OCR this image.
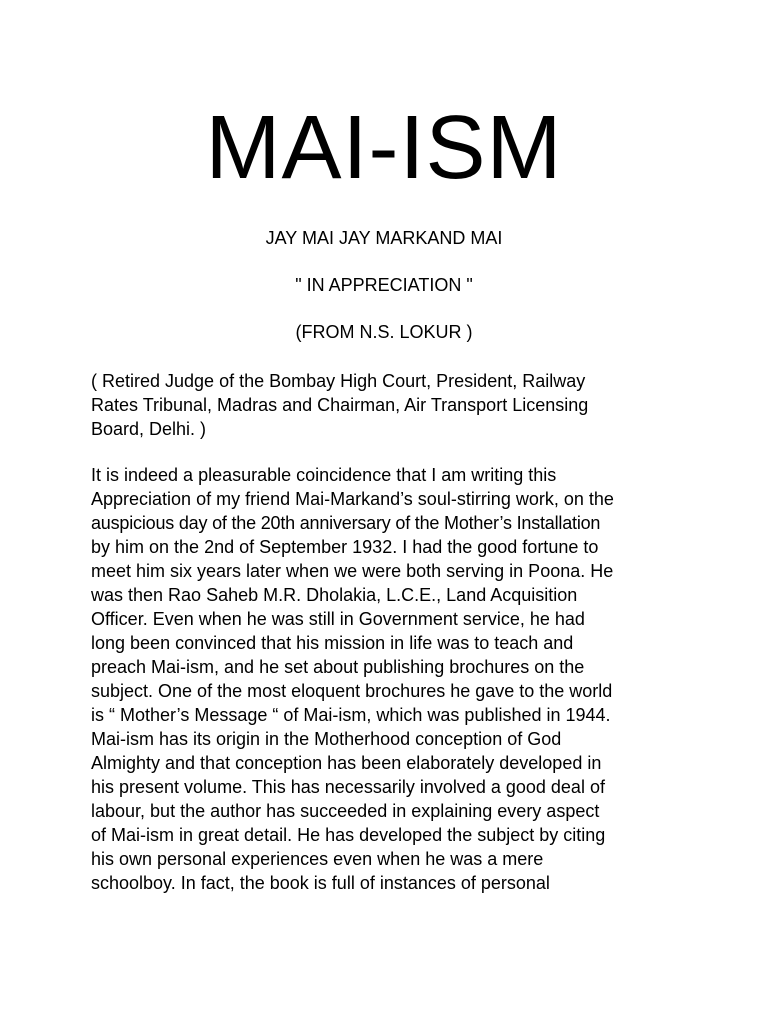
MAI-ISM

JAY MAI JAY MARKAND MAI

" IN APPRECIATION "

(FROM N.S. LOKUR )

( Retired Judge of the Bombay High Court, President, Railway
Rates Tribunal, Madras and Chairman, Air Transport Licensing
Board, Delhi. )
It is indeed a pleasurable coincidence that I am writing this
Appreciation of my friend Mai-Markand’s soul-stirring work, on the
auspicious day of the 20th anniversary of the Mother’s Installation
by him on the 2nd of September 1932. I had the good fortune to
meet him six years later when we were both serving in Poona. He
was then Rao Saheb M.R. Dholakia, L.C.E., Land Acquisition
Officer. Even when he was still in Government service, he had
long been convinced that his mission in life was to teach and
preach Mai-ism, and he set about publishing brochures on the
subject. One of the most eloquent brochures he gave to the world
is “ Mother’s Message “ of Mai-ism, which was published in 1944.
Mai-ism has its origin in the Motherhood conception of God
Almighty and that conception has been elaborately developed in
his present volume. This has necessarily involved a good deal of
labour, but the author has succeeded in explaining every aspect
of Mai-ism in great detail. He has developed the subject by citing
his own personal experiences even when he was a mere
schoolboy. In fact, the book is full of instances of personal
